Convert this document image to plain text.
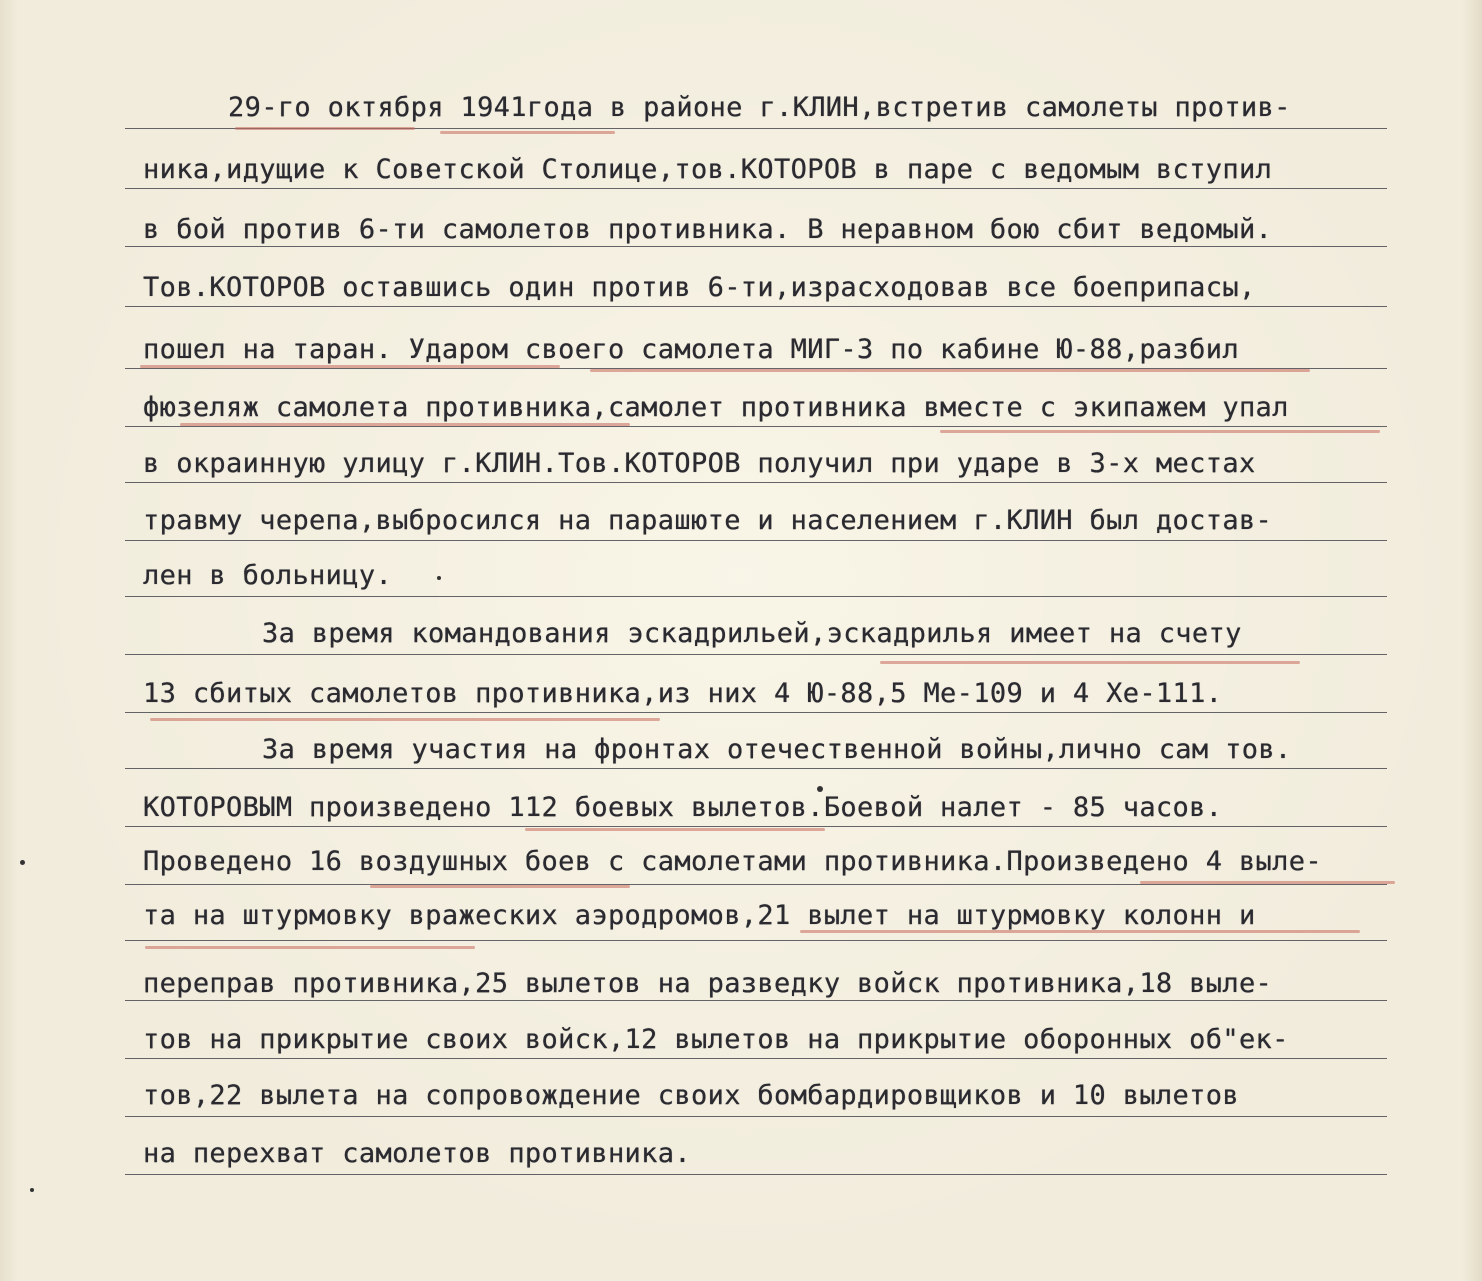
29-го октября 1941года в районе г.КЛИН,встретив самолеты против-
ника,идущие к Советской Столице,тов.КОТОРОВ в паре с ведомым вступил
в бой против 6-ти самолетов противника. В неравном бою сбит ведомый.
Тов.КОТОРОВ оставшись один против 6-ти,израсходовав все боеприпасы,
пошел на таран. Ударом своего самолета МИГ-3 по кабине Ю-88,разбил
фюзеляж самолета противника,самолет противника вместе с экипажем упал
в окраинную улицу г.КЛИН.Тов.КОТОРОВ получил при ударе в 3-х местах
травму черепа,выбросился на парашюте и населением г.КЛИН был достав-
лен в больницу.
За время командования эскадрильей,эскадрилья имеет на счету
13 сбитых самолетов противника,из них 4 Ю-88,5 Ме-109 и 4 Хе-111.
За время участия на фронтах отечественной войны,лично сам тов.
КОТОРОВЫМ произведено 112 боевых вылетов.Боевой налет - 85 часов.
Проведено 16 воздушных боев с самолетами противника.Произведено 4 выле-
та на штурмовку вражеских аэродромов,21 вылет на штурмовку колонн и
переправ противника,25 вылетов на разведку войск противника,18 выле-
тов на прикрытие своих войск,12 вылетов на прикрытие оборонных об"ек-
тов,22 вылета на сопровождение своих бомбардировщиков и 10 вылетов
на перехват самолетов противника.
